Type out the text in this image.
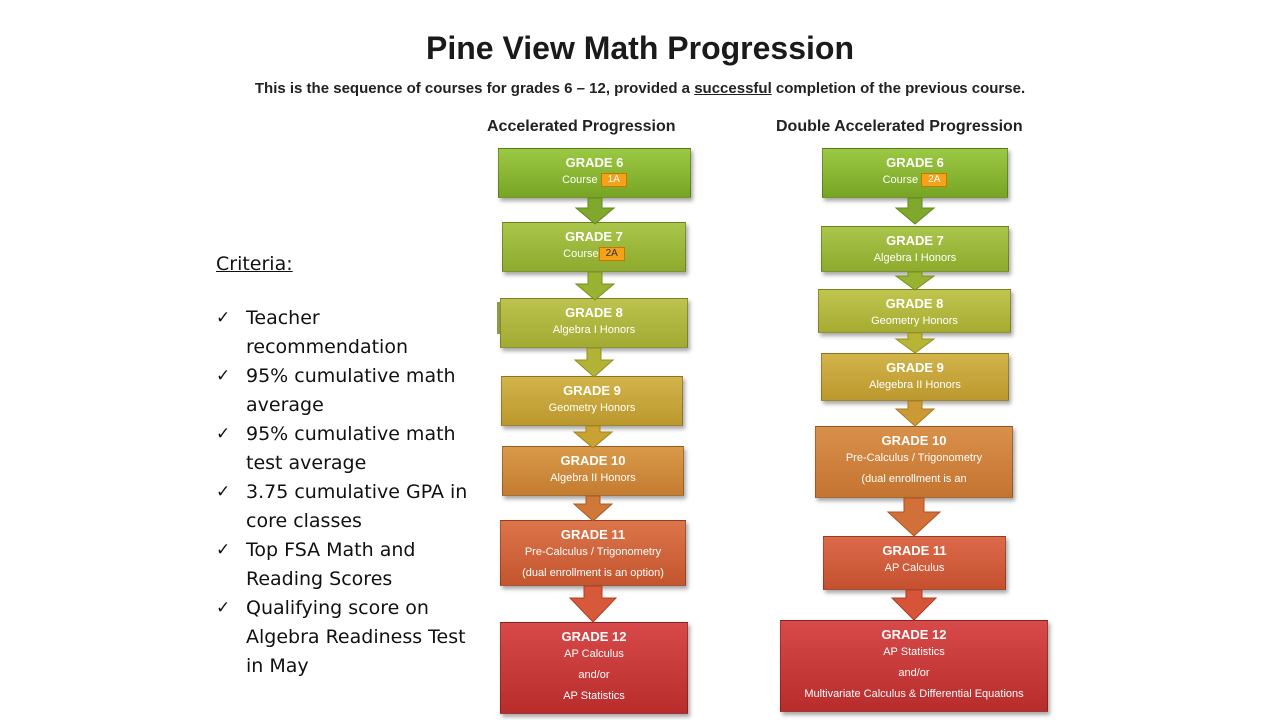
Pine View Math Progression
This is the sequence of courses for grades 6 – 12, provided a successful completion of the previous course.
Accelerated Progression	Double Accelerated Progression
Criteria:
✓ Teacher recommendation
✓ 95% cumulative math average
✓ 95% cumulative math test average
✓ 3.75 cumulative GPA in core classes
✓ Top FSA Math and Reading Scores
✓ Qualifying score on Algebra Readiness Test in May
GRADE 6
Course 1A
GRADE 7
Course 2A
GRADE 8
Algebra I Honors
GRADE 9
Geometry Honors
GRADE 10
Algebra II Honors
GRADE 11
Pre-Calculus / Trigonometry
(dual enrollment is an option)
GRADE 12
AP Calculus
and/or
AP Statistics
GRADE 6
Course 2A
GRADE 7
Algebra I Honors
GRADE 8
Geometry Honors
GRADE 9
Alegebra II Honors
GRADE 10
Pre-Calculus / Trigonometry
(dual enrollment is an
GRADE 11
AP Calculus
GRADE 12
AP Statistics
and/or
Multivariate Calculus & Differential Equations
